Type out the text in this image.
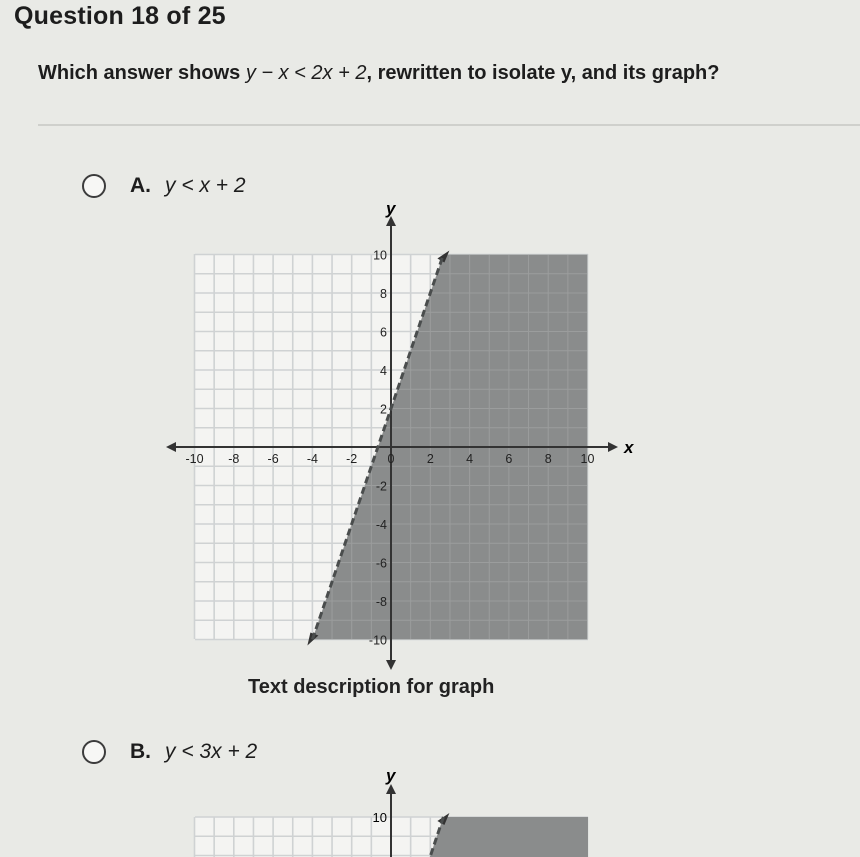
Question 18 of 25
Which answer shows y − x < 2x + 2, rewritten to isolate y, and its graph?
A. y < x + 2
-10 -8 -6 -4 -2 0	2	4	6	8 10
10
8
6
4
2
-2
-4
-6
-8
-10
x
y
Text description for graph
B. y < 3x + 2
y
10
